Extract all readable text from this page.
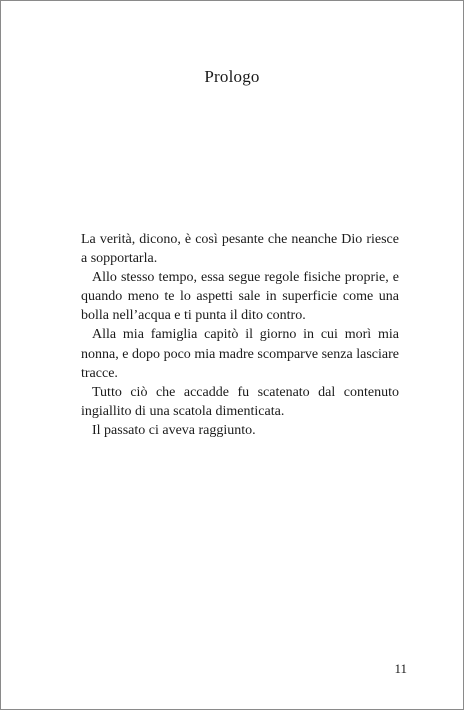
Prologo

La verità, dicono, è così pesante che neanche Dio riesce a sopportarla.

Allo stesso tempo, essa segue regole fisiche proprie, e quando meno te lo aspetti sale in superficie come una bolla nell’acqua e ti punta il dito contro.

Alla mia famiglia capitò il giorno in cui morì mia nonna, e dopo poco mia madre scomparve senza lasciare tracce.

Tutto ciò che accadde fu scatenato dal contenuto ingiallito di una scatola dimenticata.

Il passato ci aveva raggiunto.

11
